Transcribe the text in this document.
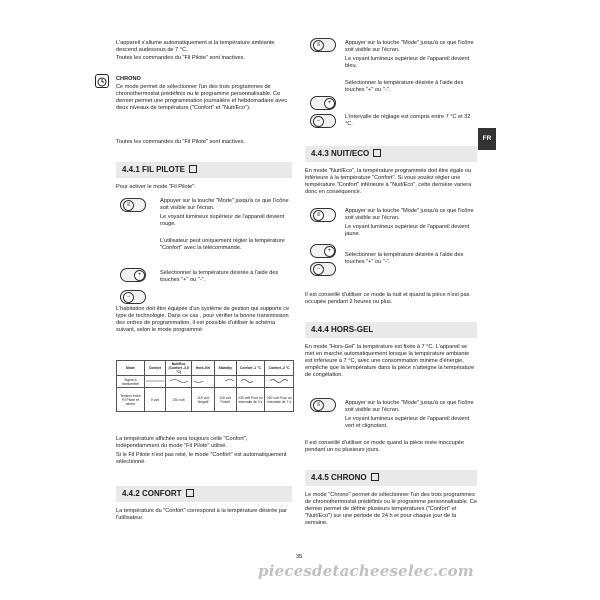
L'appareil s'allume automatiquement si la température ambiante descend audessous de 7 °C.

Toutes les commandes du "Fil Pilote" sont inactives.

CHRONO

Ce mode permet de sélectionner l'un des trois programmes de chronothermostat prédéfinis ou le programme personnalisable. Ce dernier permet une programmation journalière et hebdomadaire avec deux niveaux de température ("Confort" et "Nuit/Eco").

Toutes les commandes du "Fil Pilote" sont inactives.

4.4.1 FIL PILOTE

Pour activer le mode "Fil Pilote":

≡

Appuyer sur la touche "Mode" jusqu'à ce que l'icône soit visible sur l'écran.

Le voyant lumineux supérieur de l'appareil devient rouge.

L'utilisateur peut uniquement régler la température "Confort" avec la télécommande.

+
−

Sélectionner la température désirée à l'aide des touches "+" ou "-".

L'habitation doit être équipée d'un système de gestion qui supporte ce type de technologie. Dans ce cas , pour vérifier la bonne transmission des ordres de programmation, il est possible d'utiliser le schéma suivant, selon le mode programmé:

Mode	Confort	Nuit/Eco (Confort -3,5 °C)	Hors-Gel	Standby	Confort -1 °C	Confort -2 °C
Signal à transmettre						
Tension entre Fil Pilote et neutre	0 volt	230 volt	115 volt Négatif	115 volt Positif	230 volt Pour un intervalle de 3 s	230 volt Pour un intervalle de 7 s

La température affichée sera toujours celle "Confort", indépendamment du mode "Fil Pilote" utilisé.

Si le Fil Pilote n'est pas relié, le mode "Confort" est automatiquement sélectionné.

4.4.2 CONFORT

La température du "Confort" correspond à la température désirée par l'utilisateur.

≡	Appuyer sur la touche "Mode" jusqu'à ce que l'icône soit visible sur l'écran.

Le voyant lumineux supérieur de l'appareil devient bleu.

Sélectionner la température désirée à l'aide des touches "+" ou "-".

+
−

L'intervalle de réglage est compris entre 7 °C et 32 °C.

FR
4.4.3 NUIT/ECO

En mode "Nuit/Eco", la température programmée doit être égale ou inférieure à la température "Confort". Si vous voulez régler une température "Confort" inférieure à "Nuit/Eco", cette dernière variera donc en conséquence.

≡

Appuyer sur la touche "Mode" jusqu'à ce que l'icône soit visible sur l'écran.

Le voyant lumineux supérieur de l'appareil devient jaune.

+
−

Sélectionner la température désirée à l'aide des touches "+" ou "-".

Il est conseillé d'utiliser ce mode la nuit et quand la pièce n'est pas occupée pendant 2 heures ou plus.

4.4.4 HORS-GEL

En mode "Hors-Gel" la température est fixée à 7 °C. L'appareil se met en marche automatiquement lorsque la température ambiante est inférieure à 7 °C, avec une consommation minime d'énergie, empêche que la température dans la pièce n'atteigne la température de congélation.

≡	Appuyer sur la touche "Mode" jusqu'à ce que l'icône soit visible sur l'écran.

Le voyant lumineux supérieur de l'appareil devient vert et clignotant.

Il est conseillé d'utiliser ce mode quand la pièce reste inoccupée pendant un ou plusieurs jours.

4.4.5 CHRONO

Le mode "Chrono" permet de sélectionner l'un des trois programmes de chronothermostat prédéfinis ou le programme personnalisable. Ce dernier permet de définir plusieurs températures ("Confort" et "Nuit/Eco") sur une période de 24 h et pour chaque jour de la semaine.

35
piecesdetacheeselec.com
